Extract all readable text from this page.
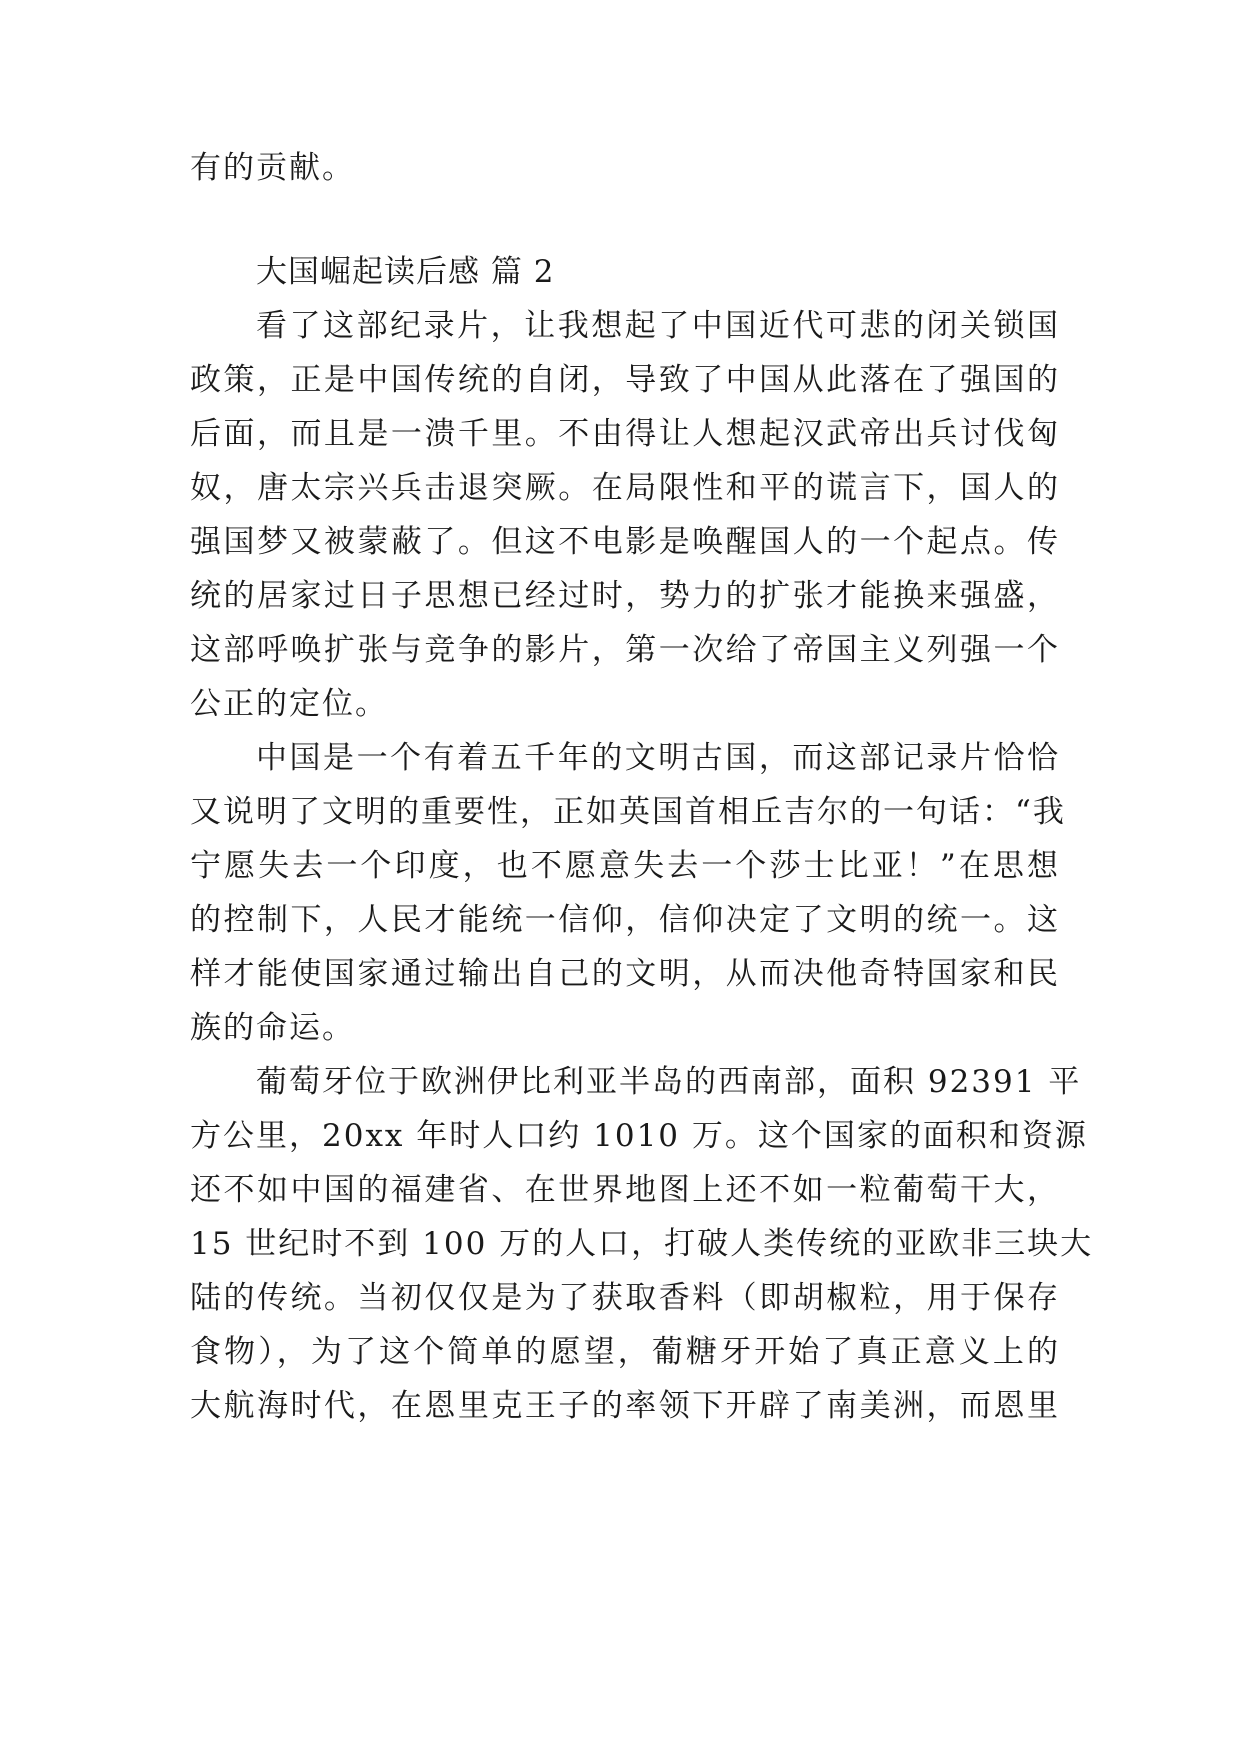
有的贡献。
大国崛起读后感 篇 2
看了这部纪录片，让我想起了中国近代可悲的闭关锁国
政策，正是中国传统的自闭，导致了中国从此落在了强国的
后面，而且是一溃千里。不由得让人想起汉武帝出兵讨伐匈
奴，唐太宗兴兵击退突厥。在局限性和平的谎言下，国人的
强国梦又被蒙蔽了。但这不电影是唤醒国人的一个起点。传
统的居家过日子思想已经过时，势力的扩张才能换来强盛，
这部呼唤扩张与竞争的影片，第一次给了帝国主义列强一个
公正的定位。
中国是一个有着五千年的文明古国，而这部记录片恰恰
又说明了文明的重要性，正如英国首相丘吉尔的一句话：“我
宁愿失去一个印度，也不愿意失去一个莎士比亚！”在思想
的控制下，人民才能统一信仰，信仰决定了文明的统一。这
样才能使国家通过输出自己的文明，从而决他奇特国家和民
族的命运。
葡萄牙位于欧洲伊比利亚半岛的西南部，面积 92391 平
方公里，20xx 年时人口约 1010 万。这个国家的面积和资源
还不如中国的福建省、在世界地图上还不如一粒葡萄干大，
15 世纪时不到 100 万的人口，打破人类传统的亚欧非三块大
陆的传统。当初仅仅是为了获取香料（即胡椒粒，用于保存
食物），为了这个简单的愿望，葡糖牙开始了真正意义上的
大航海时代，在恩里克王子的率领下开辟了南美洲，而恩里
